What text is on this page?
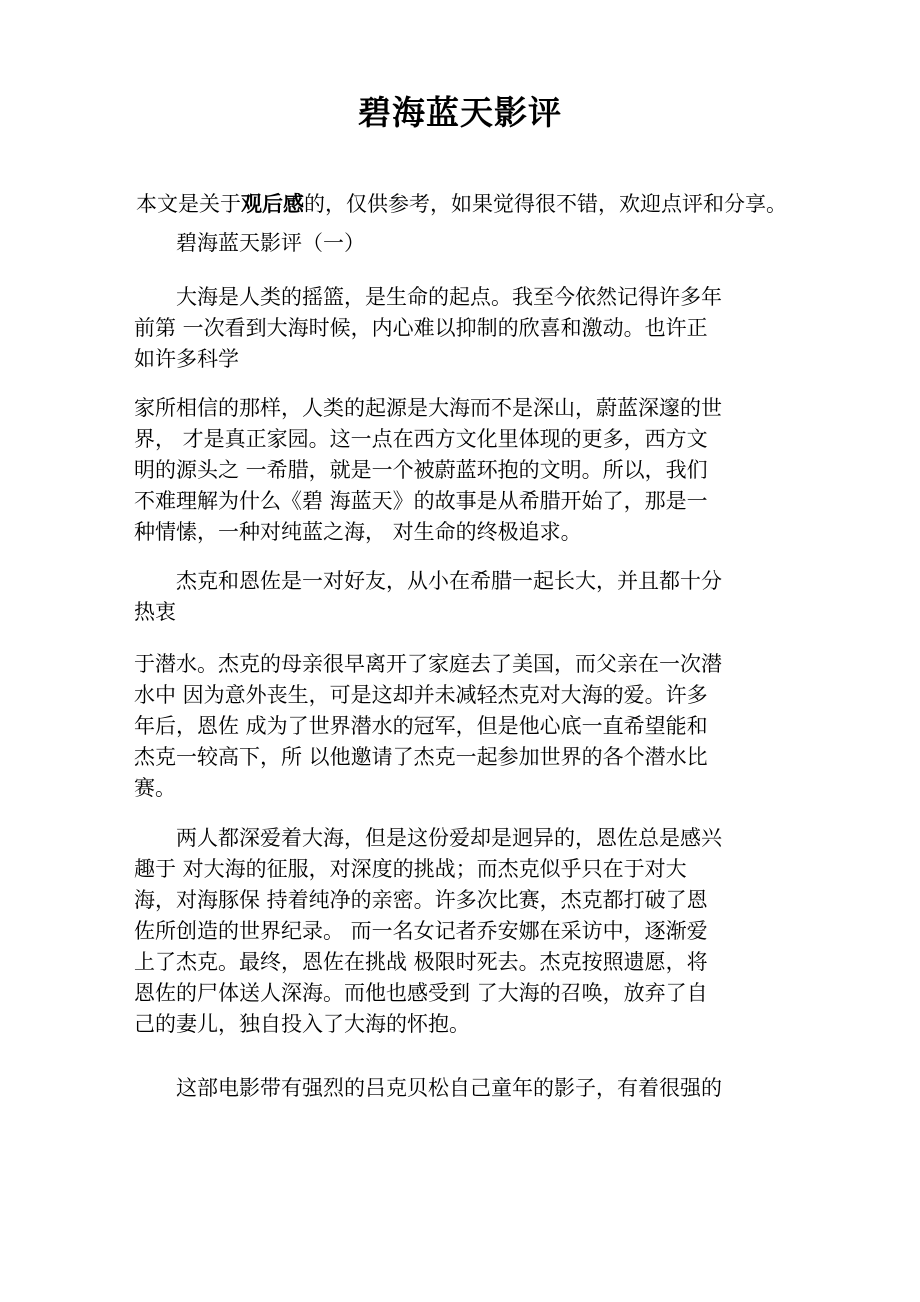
碧海蓝天影评
本文是关于观后感的，仅供参考，如果觉得很不错，欢迎点评和分享。
碧海蓝天影评（一）
大海是人类的摇篮，是生命的起点。我至今依然记得许多年
前第 一次看到大海时候，内心难以抑制的欣喜和激动。也许正
如许多科学
家所相信的那样，人类的起源是大海而不是深山，蔚蓝深邃的世
界， 才是真正家园。这一点在西方文化里体现的更多，西方文
明的源头之 一希腊，就是一个被蔚蓝环抱的文明。所以，我们
不难理解为什么《碧 海蓝天》的故事是从希腊开始了，那是一
种情愫，一种对纯蓝之海， 对生命的终极追求。
杰克和恩佐是一对好友，从小在希腊一起长大，并且都十分
热衷
于潜水。杰克的母亲很早离开了家庭去了美国，而父亲在一次潜
水中 因为意外丧生，可是这却并未减轻杰克对大海的爱。许多
年后，恩佐 成为了世界潜水的冠军，但是他心底一直希望能和
杰克一较高下，所 以他邀请了杰克一起参加世界的各个潜水比
赛。
两人都深爱着大海，但是这份爱却是迥异的，恩佐总是感兴
趣于 对大海的征服，对深度的挑战；而杰克似乎只在于对大
海，对海豚保 持着纯净的亲密。许多次比赛，杰克都打破了恩
佐所创造的世界纪录。 而一名女记者乔安娜在采访中，逐渐爱
上了杰克。最终，恩佐在挑战 极限时死去。杰克按照遗愿，将
恩佐的尸体送人深海。而他也感受到 了大海的召唤，放弃了自
己的妻儿，独自投入了大海的怀抱。
这部电影带有强烈的吕克贝松自己童年的影子，有着很强的
